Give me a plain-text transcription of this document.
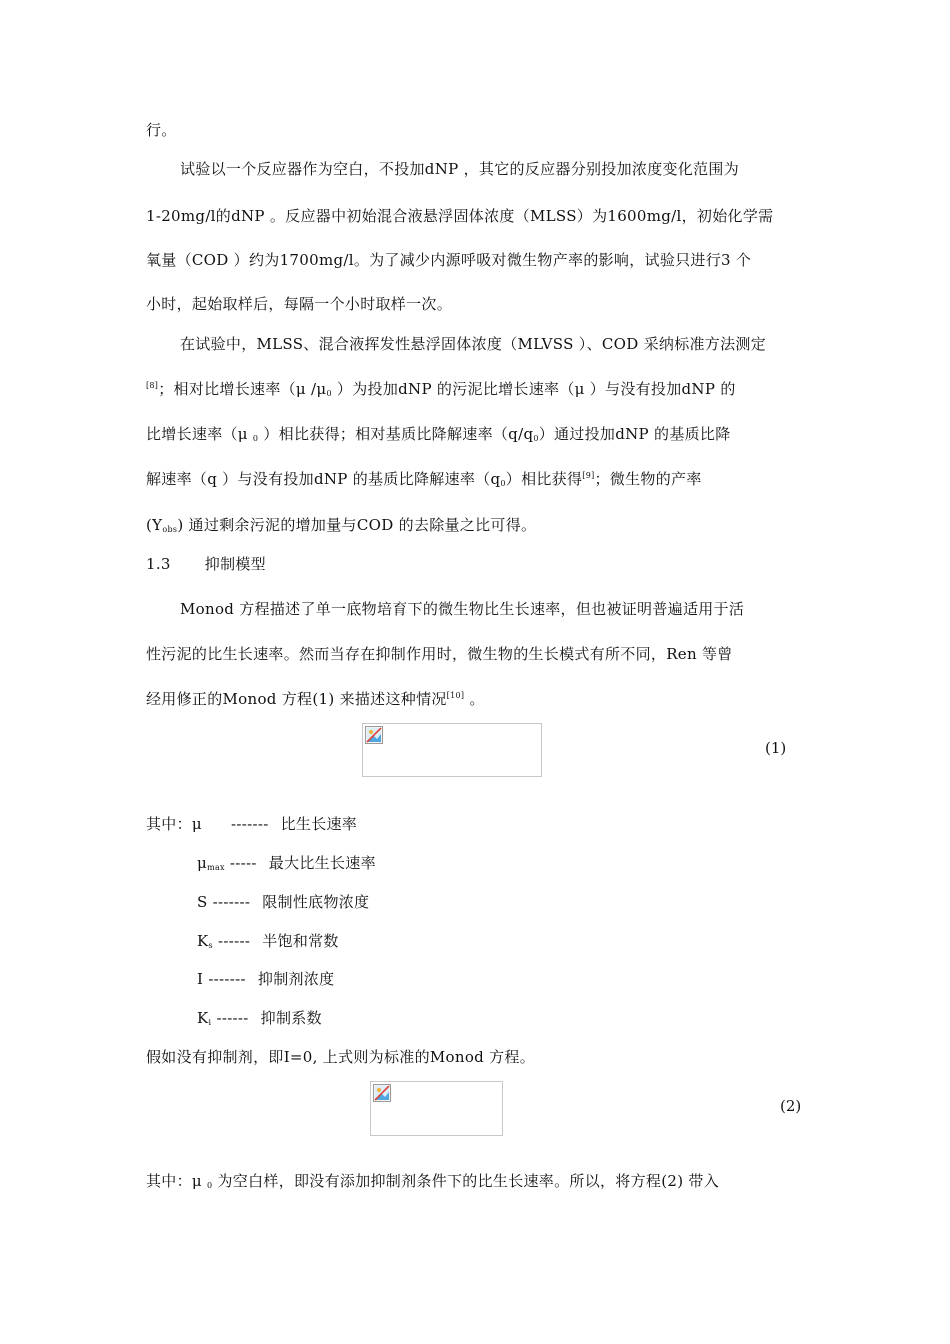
行。
试验以一个反应器作为空白，不投加dNP ，其它的反应器分别投加浓度变化范围为
1-20mg/l的dNP 。反应器中初始混合液悬浮固体浓度（MLSS）为1600mg/l，初始化学需
氧量（COD ）约为1700mg/l。为了减少内源呼吸对微生物产率的影响，试验只进行3 个
小时，起始取样后，每隔一个小时取样一次。
在试验中，MLSS、混合液挥发性悬浮固体浓度（MLVSS ）、COD 采纳标准方法测定
[8]；相对比增长速率（μ $/\mu_0$ ）为投加dNP 的污泥比增长速率（μ ）与没有投加dNP 的
比增长速率（μ $_0$ ）相比获得；相对基质比降解速率$(q/q_0)$通过投加dNP 的基质比降
解速率（q ）与没有投加dNP 的基质比降解速率$(q_0)$相比获得[9]；微生物的产率
$(Y_{obs})$ 通过剩余污泥的增加量与COD 的去除量之比可得。
1.3 抑制模型
Monod 方程描述了单一底物培育下的微生物比生长速率，但也被证明普遍适用于活
性污泥的比生长速率。然而当存在抑制作用时，微生物的生长模式有所不同，Ren 等曾
经用修正的Monod 方程(1) 来描述这种情况[10] 。
(1)
其中：μ ------- 比生长速率
$\mu_{max}$ ----- 最大比生长速率
S ------- 限制性底物浓度
$K_s$ ------ 半饱和常数
I ------- 抑制剂浓度
$K_i$ ------ 抑制系数
假如没有抑制剂，即I=0, 上式则为标准的Monod 方程。
(2)
其中：μ $_0$ 为空白样，即没有添加抑制剂条件下的比生长速率。所以，将方程(2) 带入
